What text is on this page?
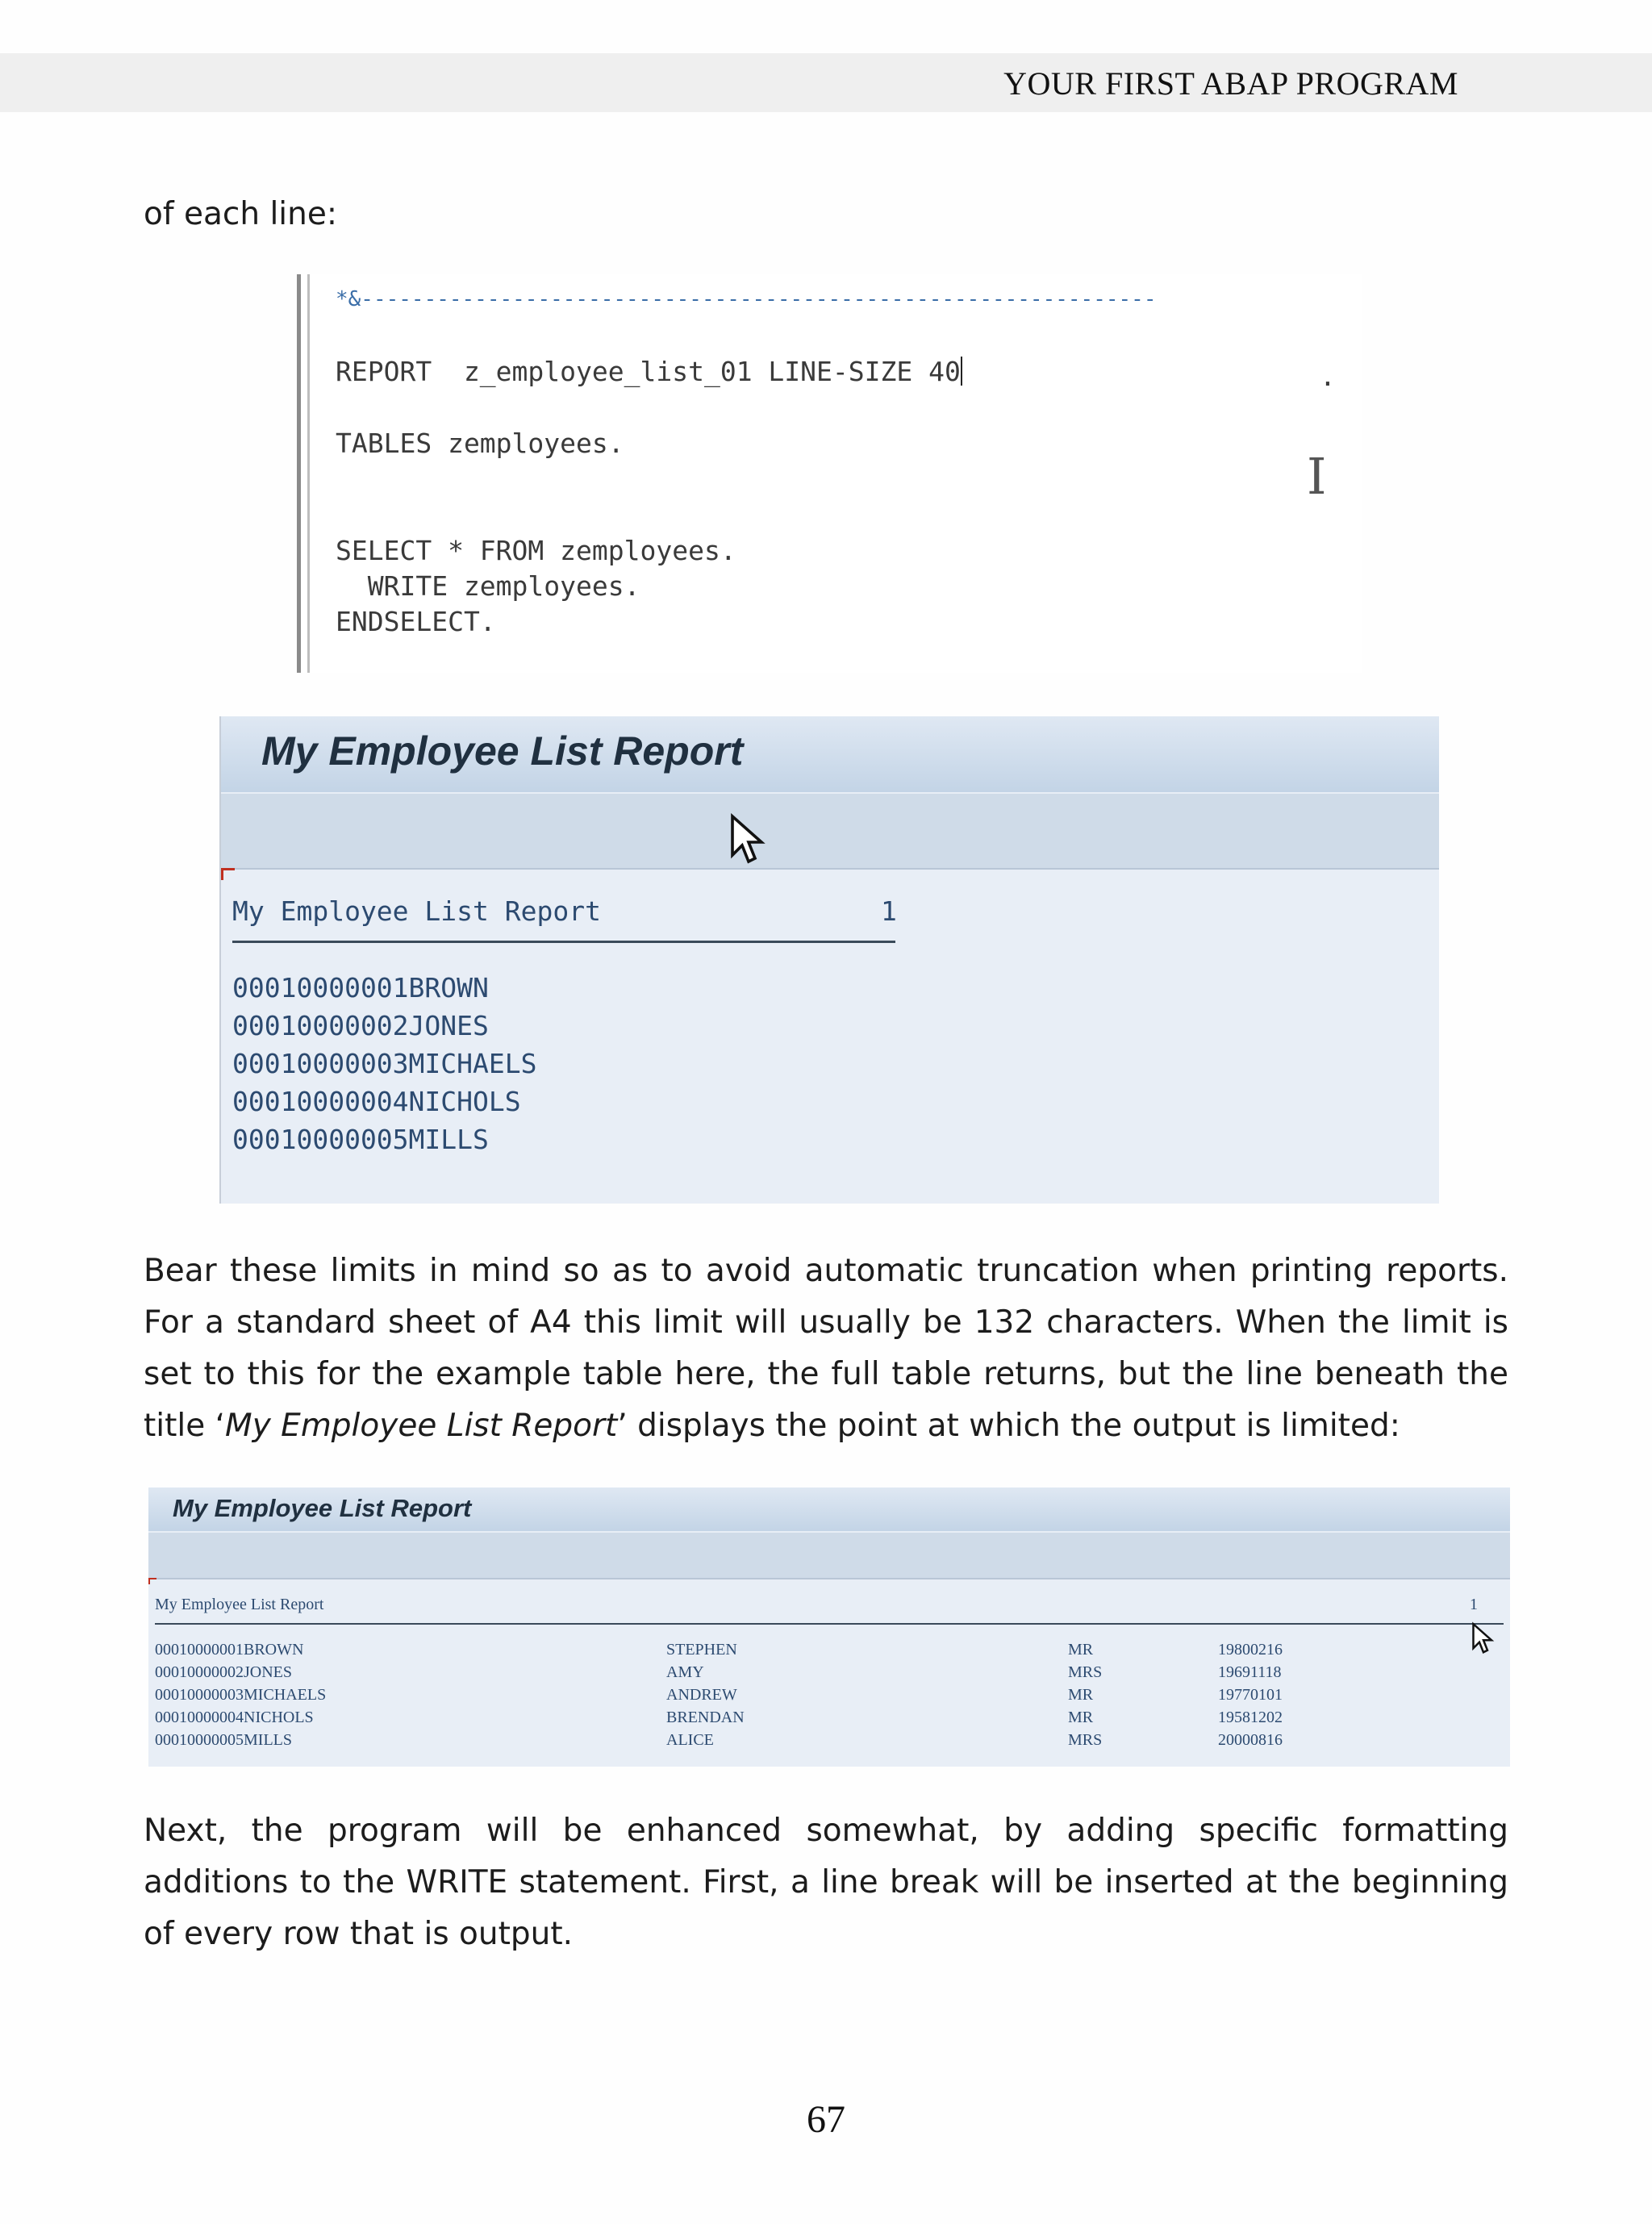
YOUR FIRST ABAP PROGRAM
of each line:
*&---------------------------------------------------------------
REPORT  z_employee_list_01 LINE-SIZE 40	.
TABLES zemployees.
I
SELECT * FROM zemployees.
WRITE zemployees.
ENDSELECT.
My Employee List Report
My Employee List Report	1
00010000001BROWN
00010000002JONES
00010000003MICHAELS
00010000004NICHOLS
00010000005MILLS
Bear these limits in mind so as to avoid automatic truncation when printing reports. For a standard sheet of A4 this limit will usually be 132 characters. When the limit is set to this for the example table here, the full table returns, but the line beneath the title ‘My Employee List Report’ displays the point at which the output is limited:
My Employee List Report
My Employee List Report	1
00010000001BROWN	STEPHEN	MR	19800216
00010000002JONES	AMY	MRS	19691118
00010000003MICHAELS	ANDREW	MR	19770101
00010000004NICHOLS	BRENDAN	MR	19581202
00010000005MILLS	ALICE	MRS	20000816
Next, the program will be enhanced somewhat, by adding specific formatting additions to the WRITE statement. First, a line break will be inserted at the beginning of every row that is output.
67
